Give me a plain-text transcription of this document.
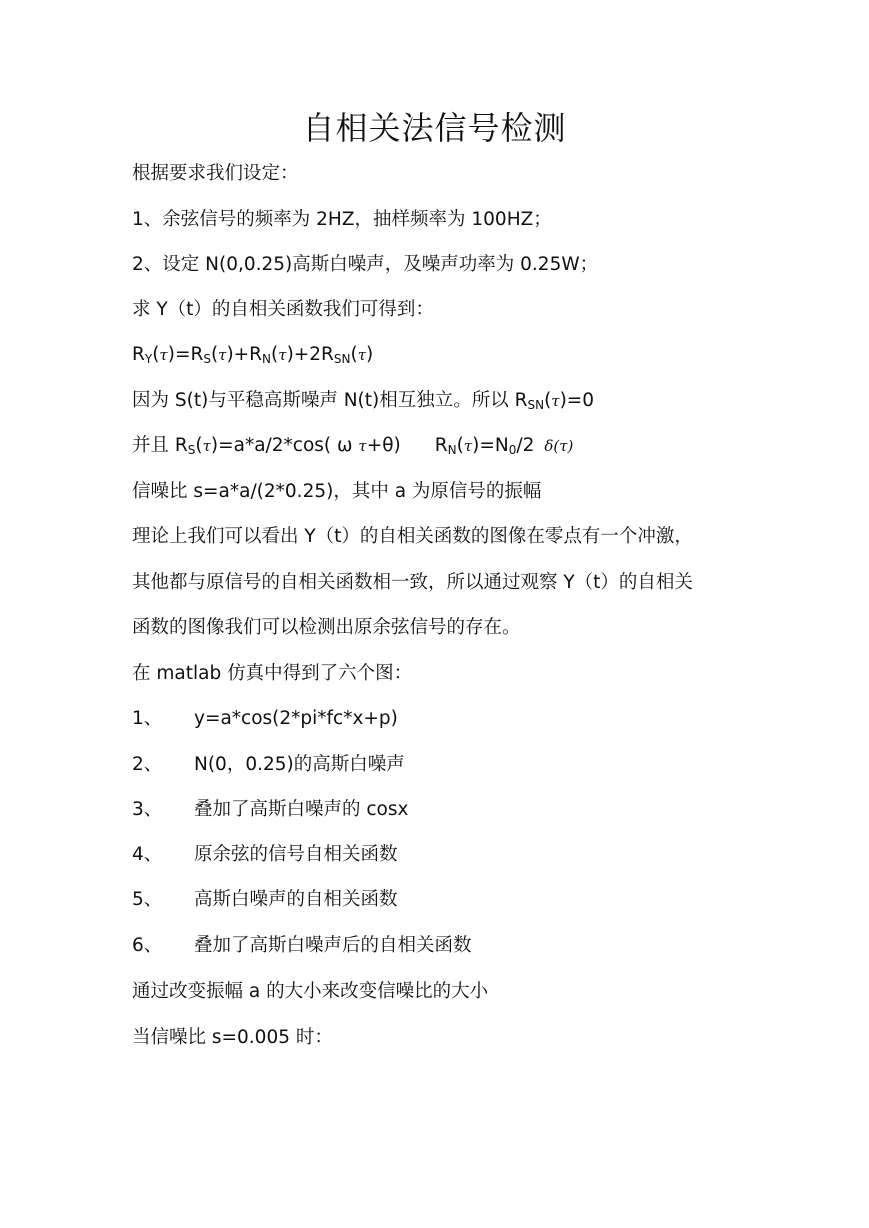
自相关法信号检测
根据要求我们设定：
1、余弦信号的频率为 2HZ，抽样频率为 100HZ；
2、设定 N(0,0.25)高斯白噪声，及噪声功率为 0.25W；
求 Y（t）的自相关函数我们可得到：
$R_Y(\tau)=R_S(\tau)+R_N(\tau)+2R_{SN}(\tau)$
因为 S(t)与平稳高斯噪声 N(t)相互独立。所以 $R_{SN}(\tau)=0$
并且 $R_S(\tau)=a*a/2*\cos$( ω τ+θ) $R_N(\tau)=N_0/2$ δ(τ)
信噪比 s=a*a/(2*0.25)，其中 a 为原信号的振幅
理论上我们可以看出 Y（t）的自相关函数的图像在零点有一个冲激，
其他都与原信号的自相关函数相一致，所以通过观察 Y（t）的自相关
函数的图像我们可以检测出原余弦信号的存在。
在 matlab 仿真中得到了六个图：
1、 y=a*cos(2*pi*fc*x+p)
2、 N(0，0.25)的高斯白噪声
3、 叠加了高斯白噪声的 cosx
4、 原余弦的信号自相关函数
5、 高斯白噪声的自相关函数
6、 叠加了高斯白噪声后的自相关函数
通过改变振幅 a 的大小来改变信噪比的大小
当信噪比 s=0.005 时：
